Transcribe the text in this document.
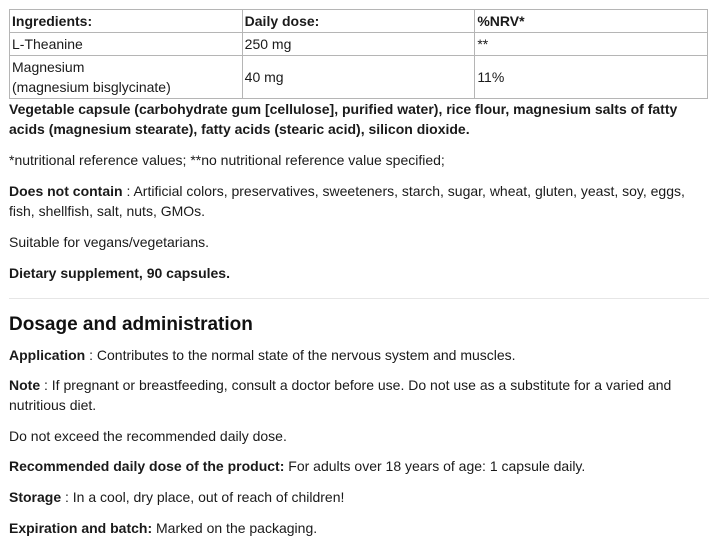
Ingredients:	Daily dose:	%NRV*
L-Theanine	250 mg	**
Magnesium
(magnesium bisglycinate)	40 mg	11%

Vegetable capsule (carbohydrate gum [cellulose], purified water), rice flour, magnesium salts of fatty acids (magnesium stearate), fatty acids (stearic acid), silicon dioxide.

*nutritional reference values; **no nutritional reference value specified;

Does not contain : Artificial colors, preservatives, sweeteners, starch, sugar, wheat, gluten, yeast, soy, eggs, fish, shellfish, salt, nuts, GMOs.

Suitable for vegans/vegetarians.

Dietary supplement, 90 capsules.

Dosage and administration

Application : Contributes to the normal state of the nervous system and muscles.

Note : If pregnant or breastfeeding, consult a doctor before use. Do not use as a substitute for a varied and nutritious diet.

Do not exceed the recommended daily dose.

Recommended daily dose of the product: For adults over 18 years of age: 1 capsule daily.

Storage : In a cool, dry place, out of reach of children!

Expiration and batch: Marked on the packaging.
